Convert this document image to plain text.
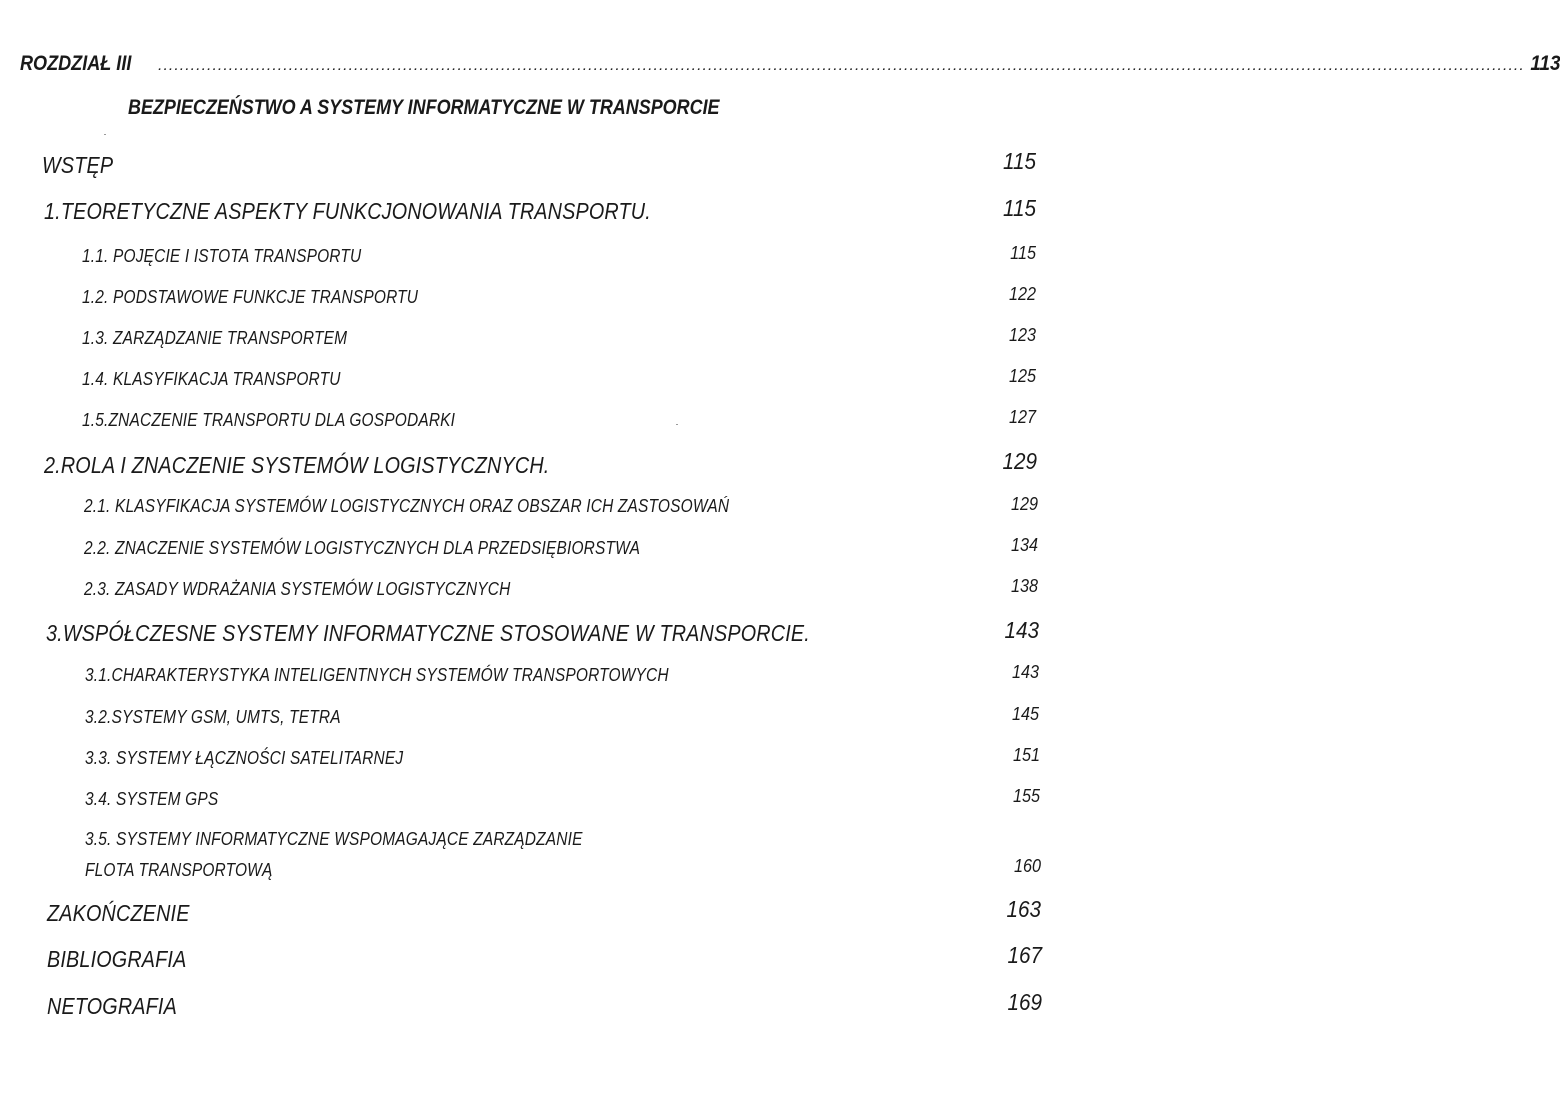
ROZDZIAŁ III	........................................................................................................................................................................................................................................................... 113
BEZPIECZEŃSTWO A SYSTEMY INFORMATYCZNE W TRANSPORCIE
WSTĘP	115
1.TEORETYCZNE ASPEKTY FUNKCJONOWANIA TRANSPORTU.	115
1.1. POJĘCIE I ISTOTA TRANSPORTU	115
1.2. PODSTAWOWE FUNKCJE TRANSPORTU	122
1.3. ZARZĄDZANIE TRANSPORTEM	123
1.4. KLASYFIKACJA TRANSPORTU	125
1.5.ZNACZENIE TRANSPORTU DLA GOSPODARKI	127
2.ROLA I ZNACZENIE SYSTEMÓW LOGISTYCZNYCH.	129
2.1. KLASYFIKACJA SYSTEMÓW LOGISTYCZNYCH ORAZ OBSZAR ICH ZASTOSOWAŃ	129
2.2. ZNACZENIE SYSTEMÓW LOGISTYCZNYCH DLA PRZEDSIĘBIORSTWA	134
2.3. ZASADY WDRAŻANIA SYSTEMÓW LOGISTYCZNYCH	138
3.WSPÓŁCZESNE SYSTEMY INFORMATYCZNE STOSOWANE W TRANSPORCIE.	143
3.1.CHARAKTERYSTYKA INTELIGENTNYCH SYSTEMÓW TRANSPORTOWYCH	143
3.2.SYSTEMY GSM, UMTS, TETRA	145
3.3. SYSTEMY ŁĄCZNOŚCI SATELITARNEJ	151
3.4. SYSTEM GPS	155
3.5. SYSTEMY INFORMATYCZNE WSPOMAGAJĄCE ZARZĄDZANIE
FLOTA TRANSPORTOWĄ	160
ZAKOŃCZENIE	163
BIBLIOGRAFIA	167
NETOGRAFIA	169
